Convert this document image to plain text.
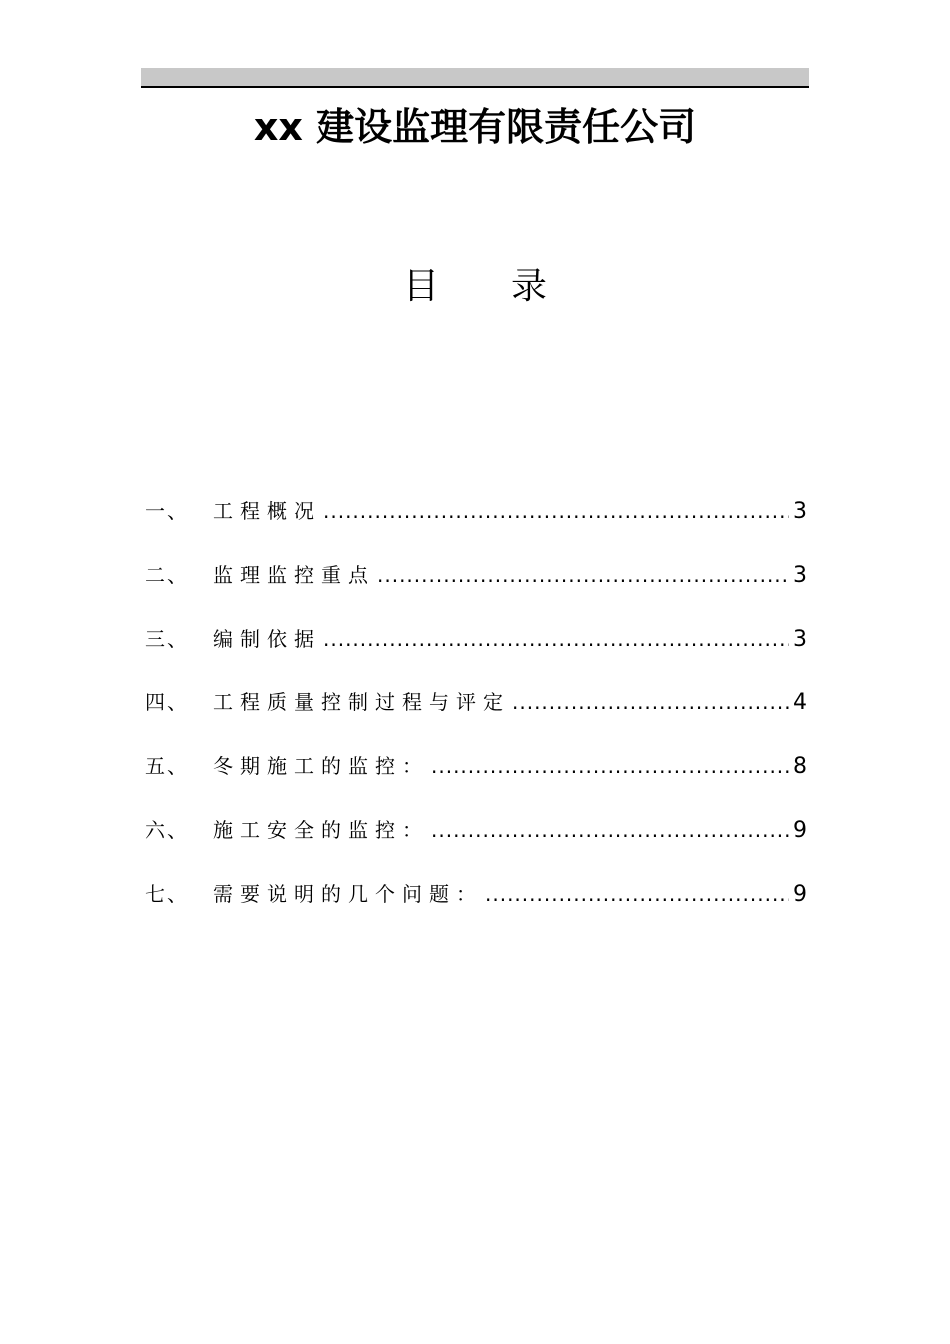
xx 建设监理有限责任公司
目 录
一、	工程概况 .....	3
二、	监理监控重点 .....	3
三、	编制依据 .....	3
四、	工程质量控制过程与评定 .....	4
五、	冬期施工的监控： .....	8
六、	施工安全的监控： .....	9
七、	需要说明的几个问题： .....	9
